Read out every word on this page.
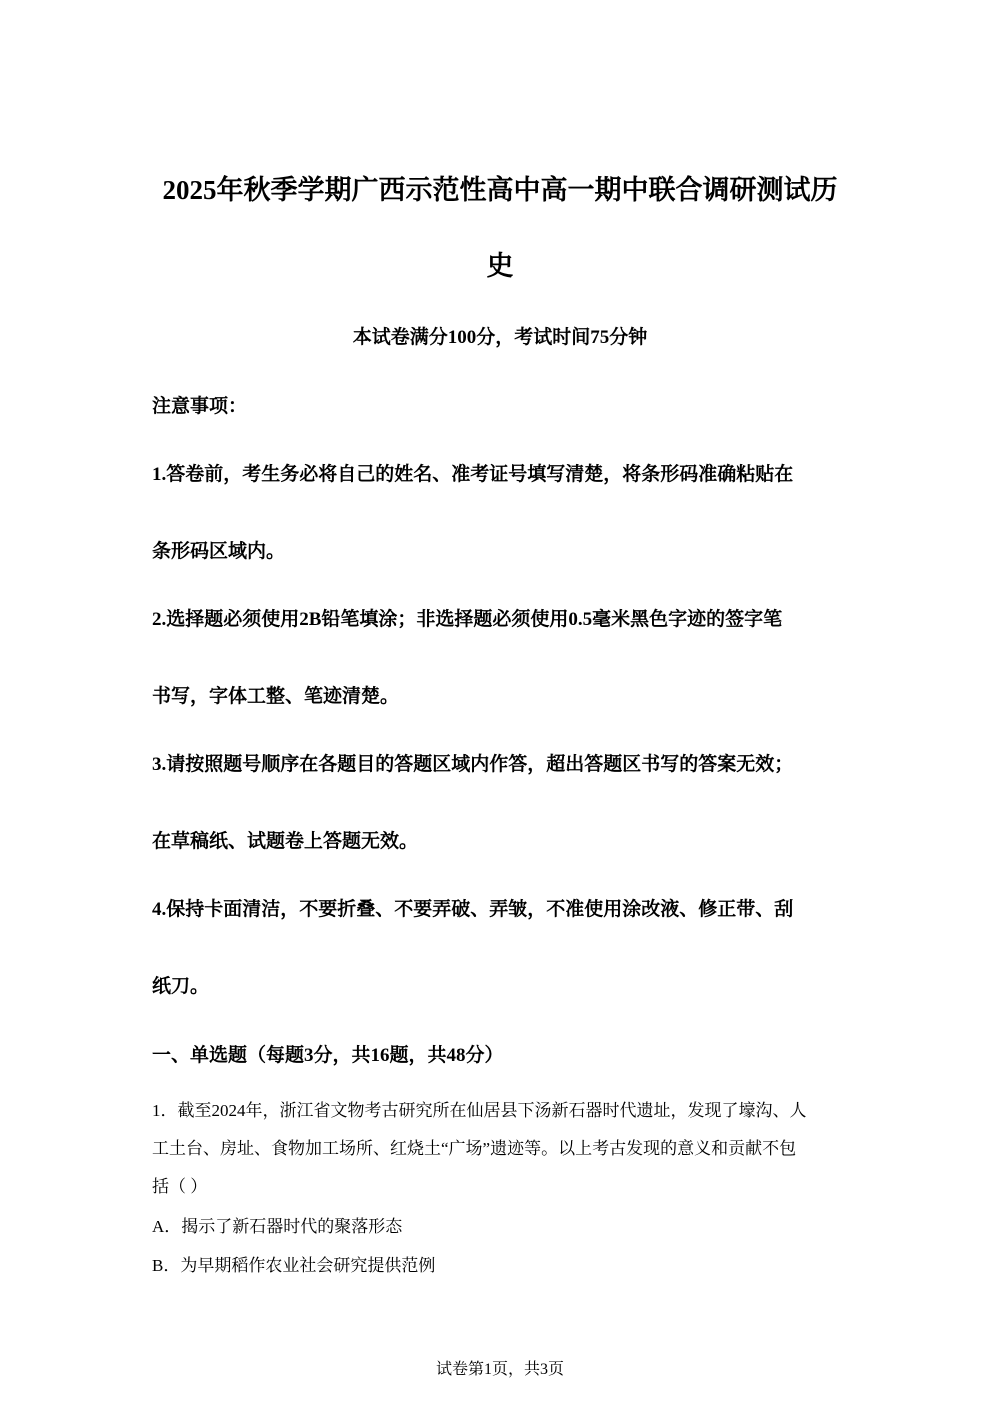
2025年秋季学期广西示范性高中高一期中联合调研测试历
史
本试卷满分100分，考试时间75分钟
注意事项：
1.答卷前，考生务必将自己的姓名、准考证号填写清楚，将条形码准确粘贴在
条形码区域内。
2.选择题必须使用2B铅笔填涂；非选择题必须使用0.5毫米黑色字迹的签字笔
书写，字体工整、笔迹清楚。
3.请按照题号顺序在各题目的答题区域内作答，超出答题区书写的答案无效；
在草稿纸、试题卷上答题无效。
4.保持卡面清洁，不要折叠、不要弄破、弄皱，不准使用涂改液、修正带、刮
纸刀。
一、单选题（每题3分，共16题，共48分）
1．截至2024年，浙江省文物考古研究所在仙居县下汤新石器时代遗址，发现了壕沟、人
工土台、房址、食物加工场所、红烧土“广场”遗迹等。以上考古发现的意义和贡献不包
括（ ）
A．揭示了新石器时代的聚落形态
B．为早期稻作农业社会研究提供范例
试卷第1页，共3页
